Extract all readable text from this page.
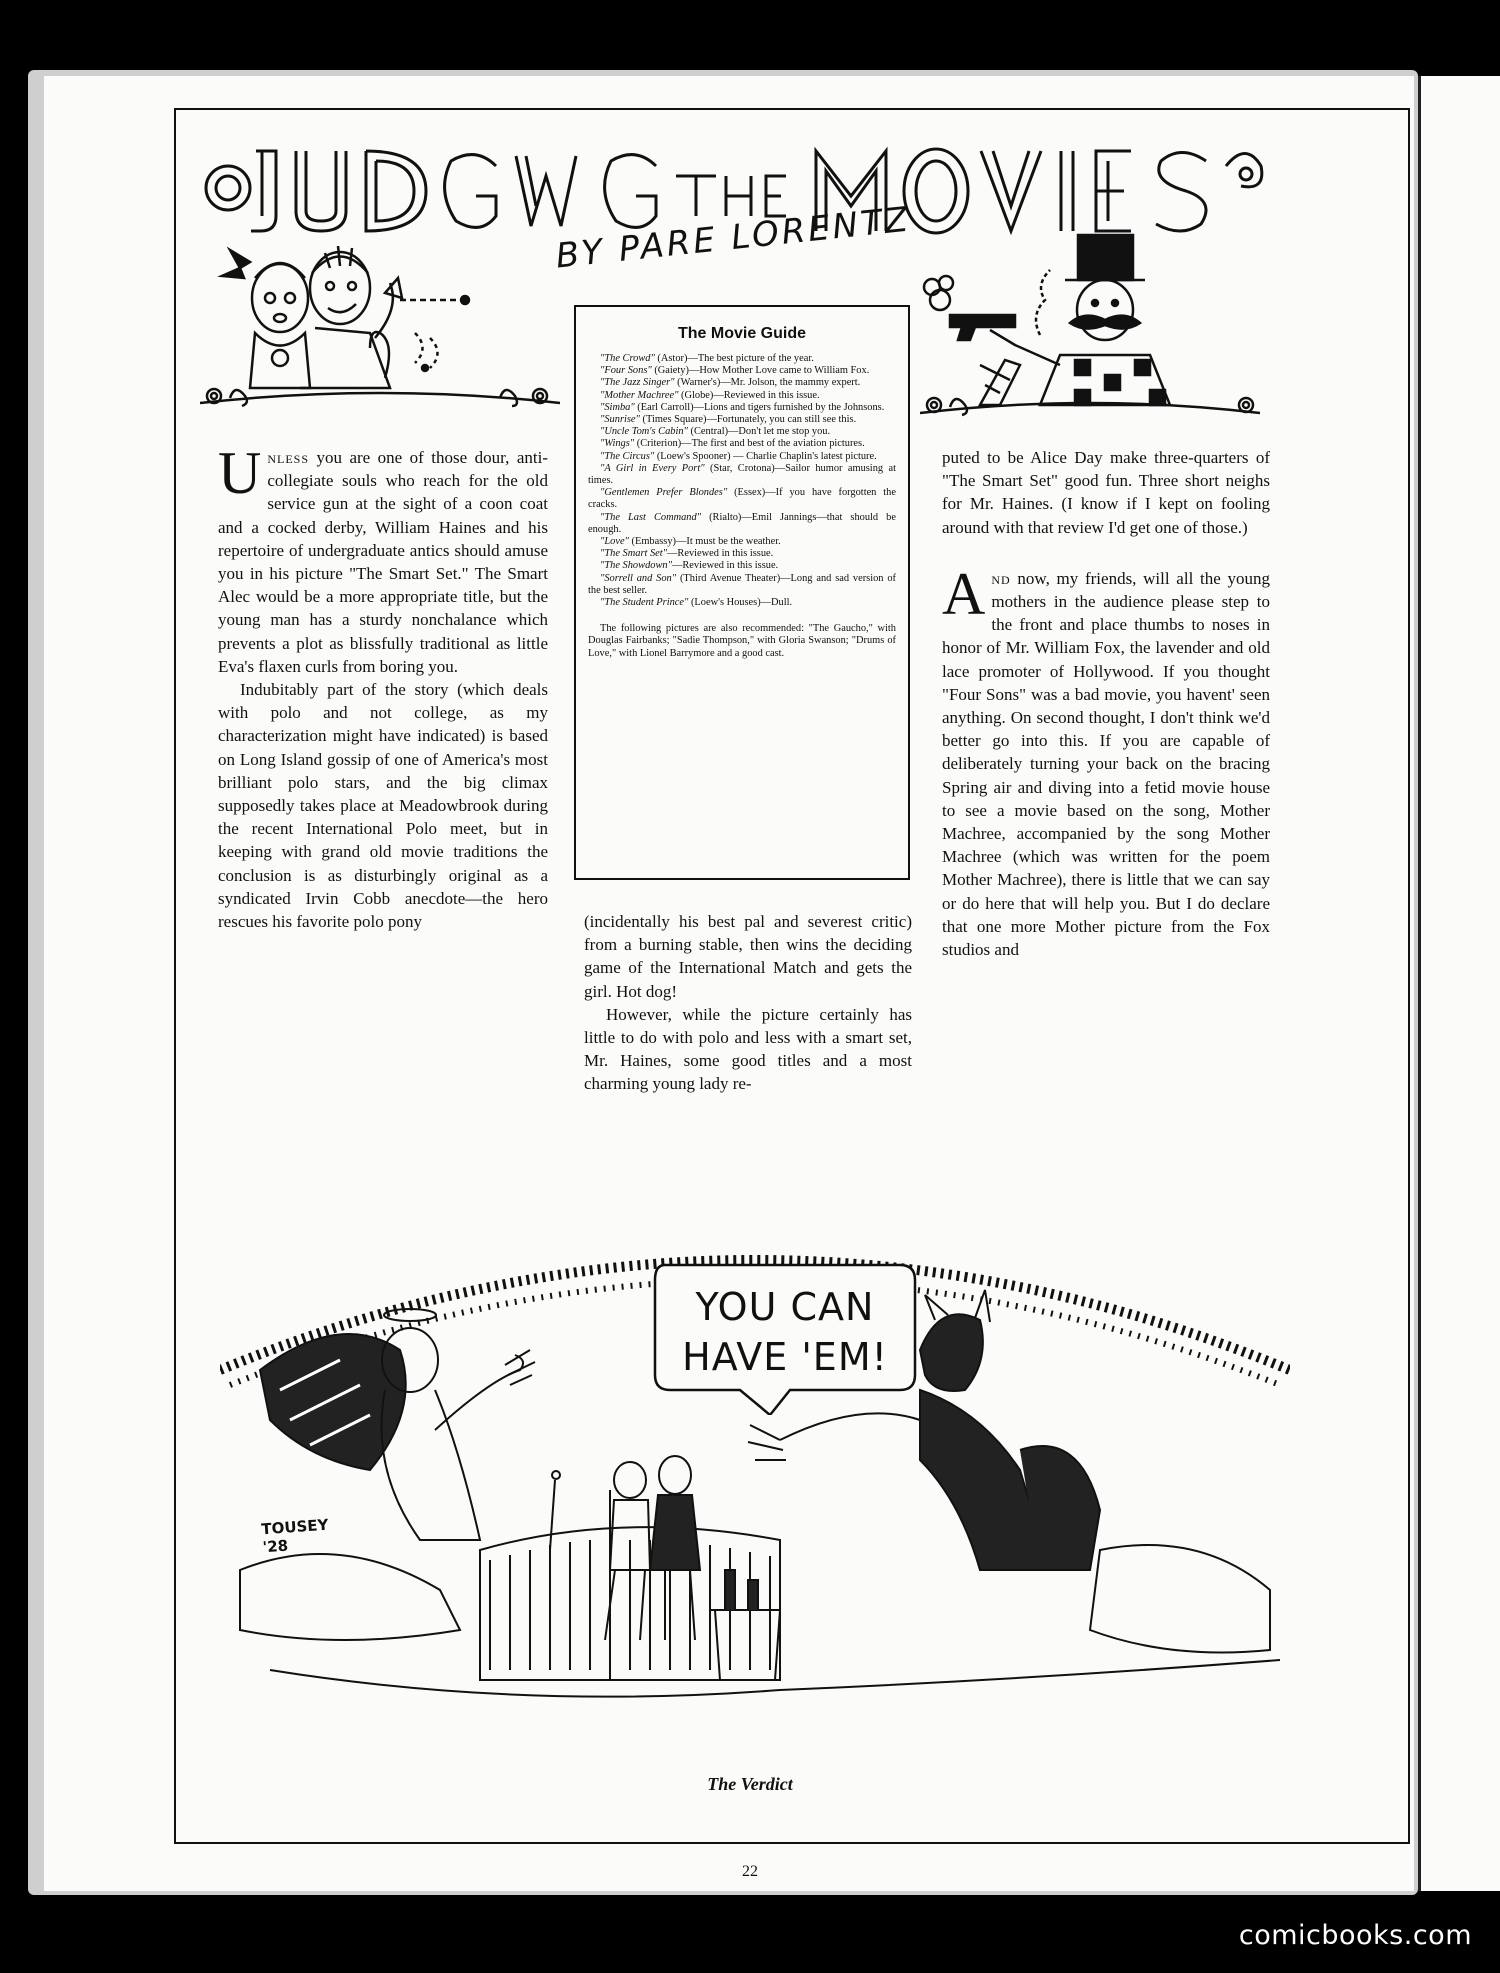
BY PARE LORENTZ
The Movie Guide

"The Crowd" (Astor)—The best picture of the year.

"Four Sons" (Gaiety)—How Mother Love came to William Fox.

"The Jazz Singer" (Warner's)—Mr. Jolson, the mammy expert.

"Mother Machree" (Globe)—Reviewed in this issue.

"Simba" (Earl Carroll)—Lions and tigers furnished by the Johnsons.

"Sunrise" (Times Square)—Fortunately, you can still see this.

"Uncle Tom's Cabin" (Central)—Don't let me stop you.

"Wings" (Criterion)—The first and best of the aviation pictures.

"The Circus" (Loew's Spooner) — Charlie Chaplin's latest picture.

"A Girl in Every Port" (Star, Crotona)—Sailor humor amusing at times.

"Gentlemen Prefer Blondes" (Essex)—If you have forgotten the cracks.

"The Last Command" (Rialto)—Emil Jannings—that should be enough.

"Love" (Embassy)—It must be the weather.

"The Smart Set"—Reviewed in this issue.

"The Showdown"—Reviewed in this issue.

"Sorrell and Son" (Third Avenue Theater)—Long and sad version of the best seller.

"The Student Prince" (Loew's Houses)—Dull.

The following pictures are also recommended: "The Gaucho," with Douglas Fairbanks; "Sadie Thompson," with Gloria Swanson; "Drums of Love," with Lionel Barrymore and a good cast.

Unless you are one of those dour, anti-collegiate souls who reach for the old service gun at the sight of a coon coat and a cocked derby, William Haines and his repertoire of undergraduate antics should amuse you in his picture "The Smart Set." The Smart Alec would be a more appropriate title, but the young man has a sturdy nonchalance which prevents a plot as blissfully traditional as little Eva's flaxen curls from boring you.

Indubitably part of the story (which deals with polo and not college, as my characterization might have indicated) is based on Long Island gossip of one of America's most brilliant polo stars, and the big climax supposedly takes place at Meadowbrook during the recent International Polo meet, but in keeping with grand old movie traditions the conclusion is as disturbingly original as a syndicated Irvin Cobb anecdote—the hero rescues his favorite polo pony	(incidentally his best pal and severest critic) from a burning stable, then wins the deciding game of the International Match and gets the girl. Hot dog!

However, while the picture certainly has little to do with polo and less with a smart set, Mr. Haines, some good titles and a most charming young lady re-

puted to be Alice Day make three-quarters of "The Smart Set" good fun. Three short neighs for Mr. Haines. (I know if I kept on fooling around with that review I'd get one of those.)

And now, my friends, will all the young mothers in the audience please step to the front and place thumbs to noses in honor of Mr. William Fox, the lavender and old lace promoter of Hollywood. If you thought "Four Sons" was a bad movie, you havent' seen anything. On second thought, I don't think we'd better go into this. If you are capable of deliberately turning your back on the bracing Spring air and diving into a fetid movie house to see a movie based on the song, Mother Machree, accompanied by the song Mother Machree (which was written for the poem Mother Machree), there is little that we can say or do here that will help you. But I do declare that one more Mother picture from the Fox studios and

YOU CAN
HAVE 'EM!
TOUSEY
'28
The Verdict
22
comicbooks.com
